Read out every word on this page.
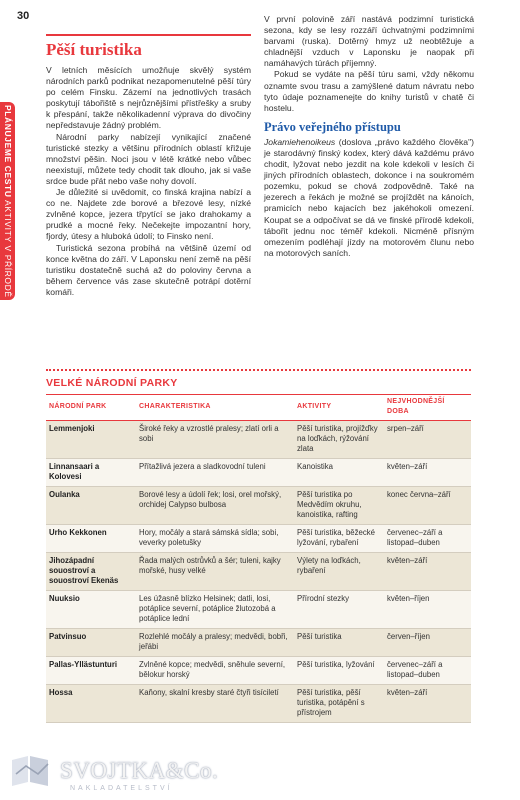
30
PLÁNUJEME CESTU AKTIVITY V PŘÍRODĚ
Pěší turistika

V letních měsících umožňuje skvělý systém národních parků podnikat nezapomenutelné pěší túry po celém Finsku. Zázemí na jednotlivých trasách poskytují tábořiště s nejrůznějšími přístřešky a sruby k přespání, takže několikadenní výprava do divočiny nepředstavuje žádný problém.

Národní parky nabízejí vynikající značené turistické stezky a většinu přírodních oblastí křižuje množství pěšin. Noci jsou v létě krátké nebo vůbec neexistují, můžete tedy chodit tak dlouho, jak si vaše srdce bude přát nebo vaše nohy dovolí.

Je důležité si uvědomit, co finská krajina nabízí a co ne. Najdete zde borové a březové lesy, nízké zvlněné kopce, jezera třpytící se jako drahokamy a prudké a mocné řeky. Nečekejte impozantní hory, fjordy, útesy a hluboká údolí; to Finsko není.

Turistická sezona probíhá na většině území od konce května do září. V Laponsku není země na pěší turistiku dostatečně suchá až do poloviny června a během července vás zase skutečně potrápí dotěrní komáři.

V první polovině září nastává podzimní turistická sezona, kdy se lesy rozzáří úchvatnými podzimními barvami (ruska). Dotěrný hmyz už neobtěžuje a chladnější vzduch v Laponsku je naopak při namáhavých túrách příjemný.

Pokud se vydáte na pěší túru sami, vždy někomu oznamte svou trasu a zamýšlené datum návratu nebo tyto údaje poznamenejte do knihy turistů v chatě či hostelu.

Právo veřejného přístupu

Jokamiehenoikeus (doslova „právo každého člověka") je starodávný finský kodex, který dává každému právo chodit, lyžovat nebo jezdit na kole kdekoli v lesích či jiných přírodních oblastech, dokonce i na soukromém pozemku, pokud se chová zodpovědně. Také na jezerech a řekách je možné se projíždět na kánoích, pramicích nebo kajacích bez jakéhokoli omezení. Koupat se a odpočívat se dá ve finské přírodě kdekoli, tábořit jednu noc téměř kdekoli. Nicméně přísným omezením podléhají jízdy na motorovém člunu nebo na motorových saních.

VELKÉ NÁRODNÍ PARKY
NÁRODNÍ PARK	CHARAKTERISTIKA	AKTIVITY	NEJVHODNĚJŠÍ DOBA
Lemmenjoki	Široké řeky a vzrostlé pralesy; zlatí orli a sobi	Pěší turistika, projížďky na loďkách, rýžování zlata	srpen–září
Linnansaari a Kolovesi	Přítažlivá jezera a sladkovodní tuleni	Kanoistika	květen–září
Oulanka	Borové lesy a údolí řek; losi, orel mořský, orchidej Calypso bulbosa	Pěší turistika po Medvědím okruhu, kanoistika, rafting	konec června–září
Urho Kekkonen	Hory, močály a stará sámská sídla; sobi, veverky poletušky	Pěší turistika, běžecké lyžování, rybaření	červenec–září a listopad–duben
Jihozápadní souostroví a souostroví Ekenäs	Řada malých ostrůvků a šér; tuleni, kajky mořské, husy velké	Výlety na loďkách, rybaření	květen–září
Nuuksio	Les úžasně blízko Helsinek; datli, losi, potáplice severní, potáplice žlutozobá a potáplice lední	Přírodní stezky	květen–říjen
Patvinsuo	Rozlehlé močály a pralesy; medvědi, bobři, jeřábi	Pěší turistika	červen–říjen
Pallas-Yllästunturi	Zvlněné kopce; medvědi, sněhule severní, bělokur horský	Pěší turistika, lyžování	červenec–září a listopad–duben
Hossa	Kaňony, skalní kresby staré čtyři tisíciletí	Pěší turistika, pěší turistika, potápění s přístrojem	květen–září
SVOJTKA&Co.
NAKLADATELSTVÍ
